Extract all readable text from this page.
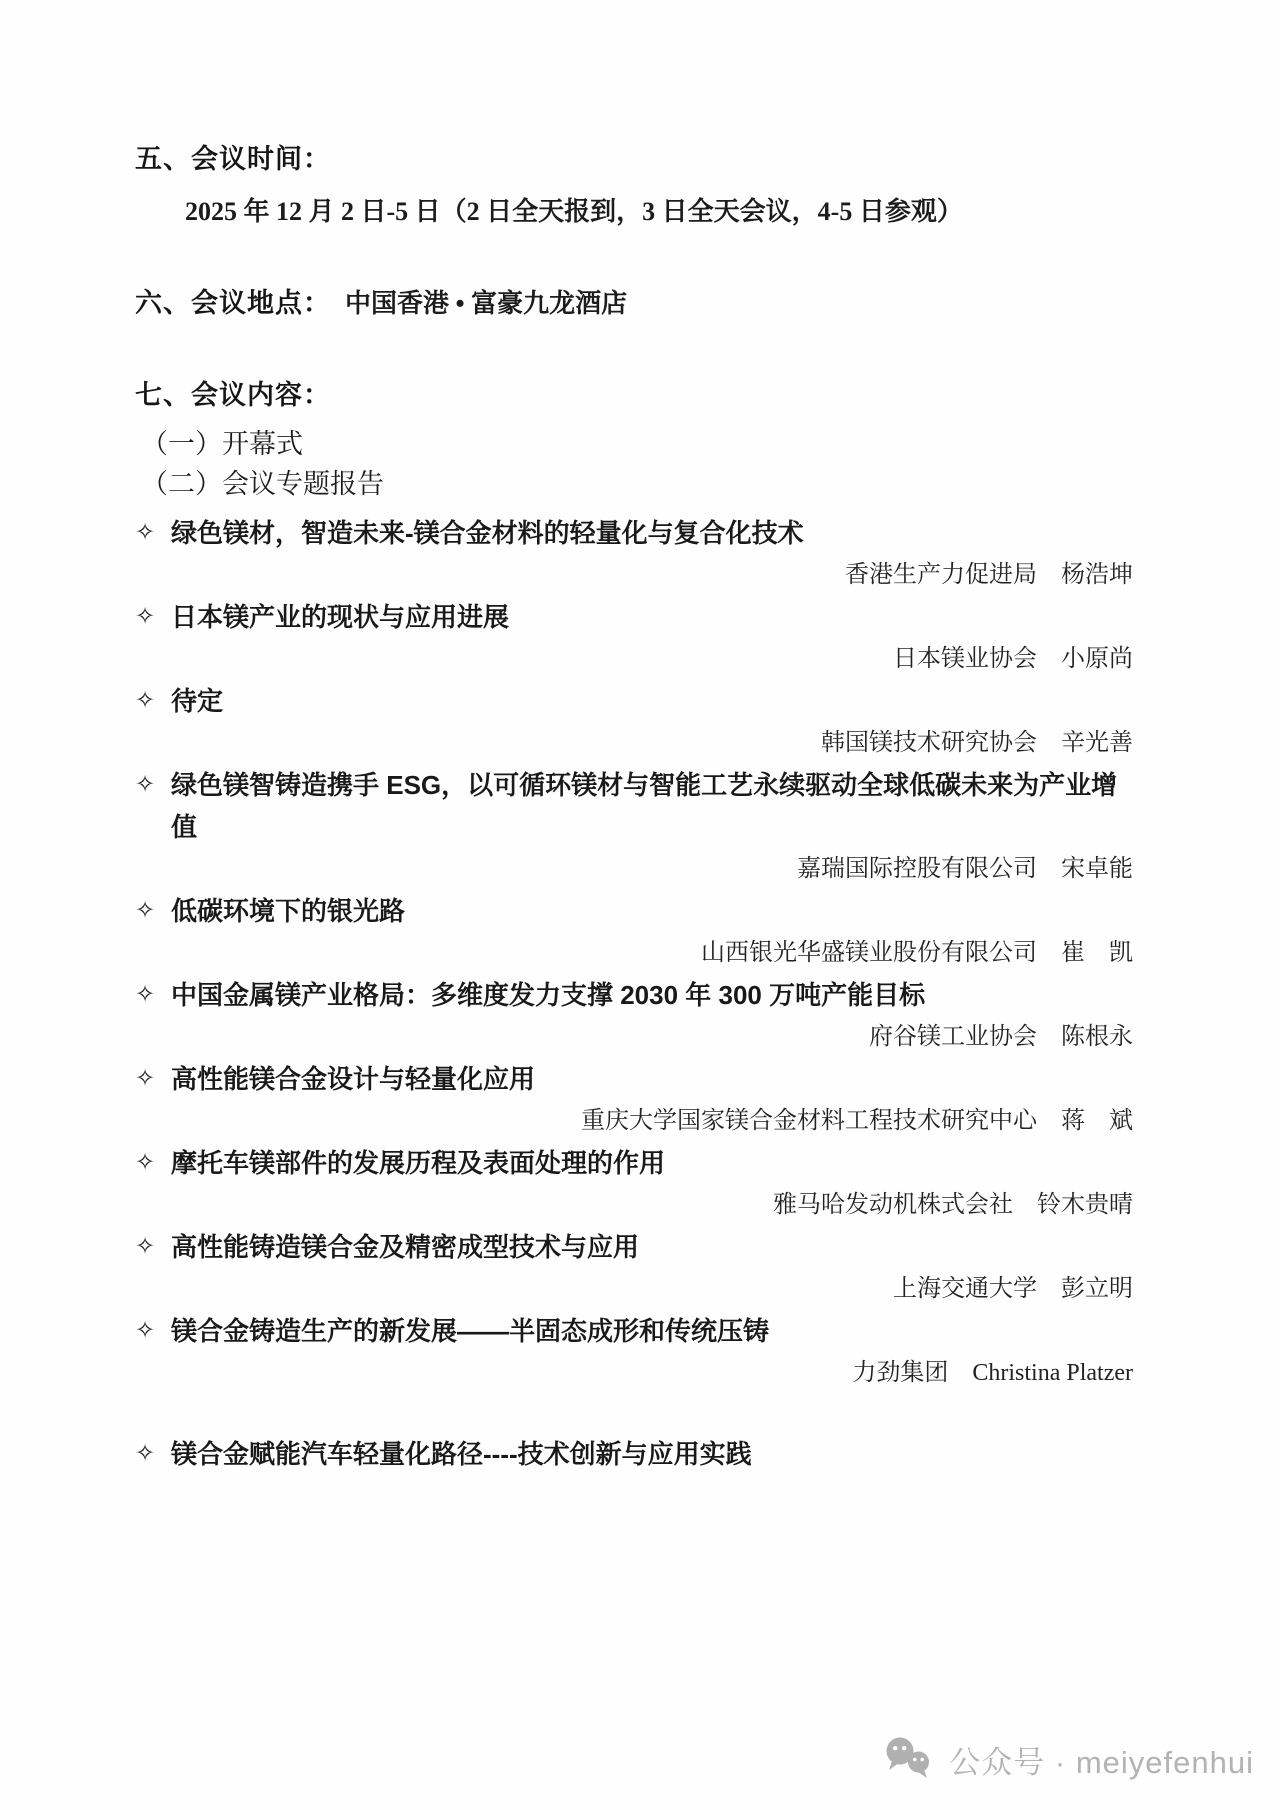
五、会议时间：
2025 年 12 月 2 日-5 日（2 日全天报到，3 日全天会议，4-5 日参观）
六、会议地点： 中国香港 • 富豪九龙酒店
七、会议内容：
（一）开幕式
（二）会议专题报告
✧ 绿色镁材，智造未来-镁合金材料的轻量化与复合化技术
香港生产力促进局　杨浩坤
✧ 日本镁产业的现状与应用进展
日本镁业协会　小原尚
✧ 待定
韩国镁技术研究协会　辛光善
✧ 绿色镁智铸造携手 ESG，以可循环镁材与智能工艺永续驱动全球低碳未来为产业增值
嘉瑞国际控股有限公司　宋卓能
✧ 低碳环境下的银光路
山西银光华盛镁业股份有限公司　崔　凯
✧ 中国金属镁产业格局：多维度发力支撑 2030 年 300 万吨产能目标
府谷镁工业协会　陈根永
✧ 高性能镁合金设计与轻量化应用
重庆大学国家镁合金材料工程技术研究中心　蒋　斌
✧ 摩托车镁部件的发展历程及表面处理的作用
雅马哈发动机株式会社　铃木贵晴
✧ 高性能铸造镁合金及精密成型技术与应用
上海交通大学　彭立明
✧ 镁合金铸造生产的新发展——半固态成形和传统压铸
力劲集团　Christina Platzer
✧ 镁合金赋能汽车轻量化路径----技术创新与应用实践
公众号 · meiyefenhui
